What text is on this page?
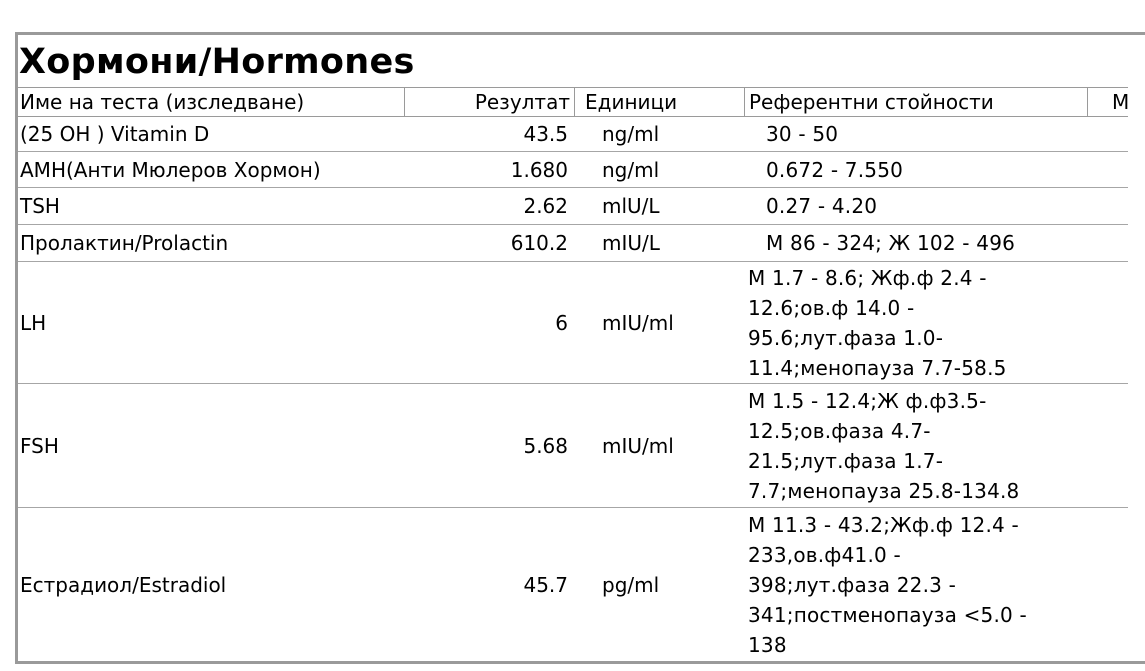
Хормони/Hormones
Име на теста (изследване)	Резултат Единици	Референтни стойности	М
(25 OH ) Vitamin D	43.5 ng/ml	30 - 50
АМН(Анти Мюлеров Хормон)	1.680 ng/ml	0.672 - 7.550
TSH	2.62 mlU/L	0.27 - 4.20
Пролактин/Prolactin	610.2 mIU/L	М 86 - 324; Ж 102 - 496
LH	6 mIU/ml
М 1.7 - 8.6; Жф.ф 2.4 -
12.6;ов.ф 14.0 -
95.6;лут.фаза 1.0-
11.4;менопауза 7.7-58.5
FSH	5.68 mIU/ml
М 1.5 - 12.4;Ж ф.ф3.5-
12.5;ов.фаза 4.7-
21.5;лут.фаза 1.7-
7.7;менопауза 25.8-134.8
Естрадиол/Estradiol	45.7 pg/ml
М 11.3 - 43.2;Жф.ф 12.4 -
233,ов.ф41.0 -
398;лут.фаза 22.3 -
341;постменопауза <5.0 -
138
